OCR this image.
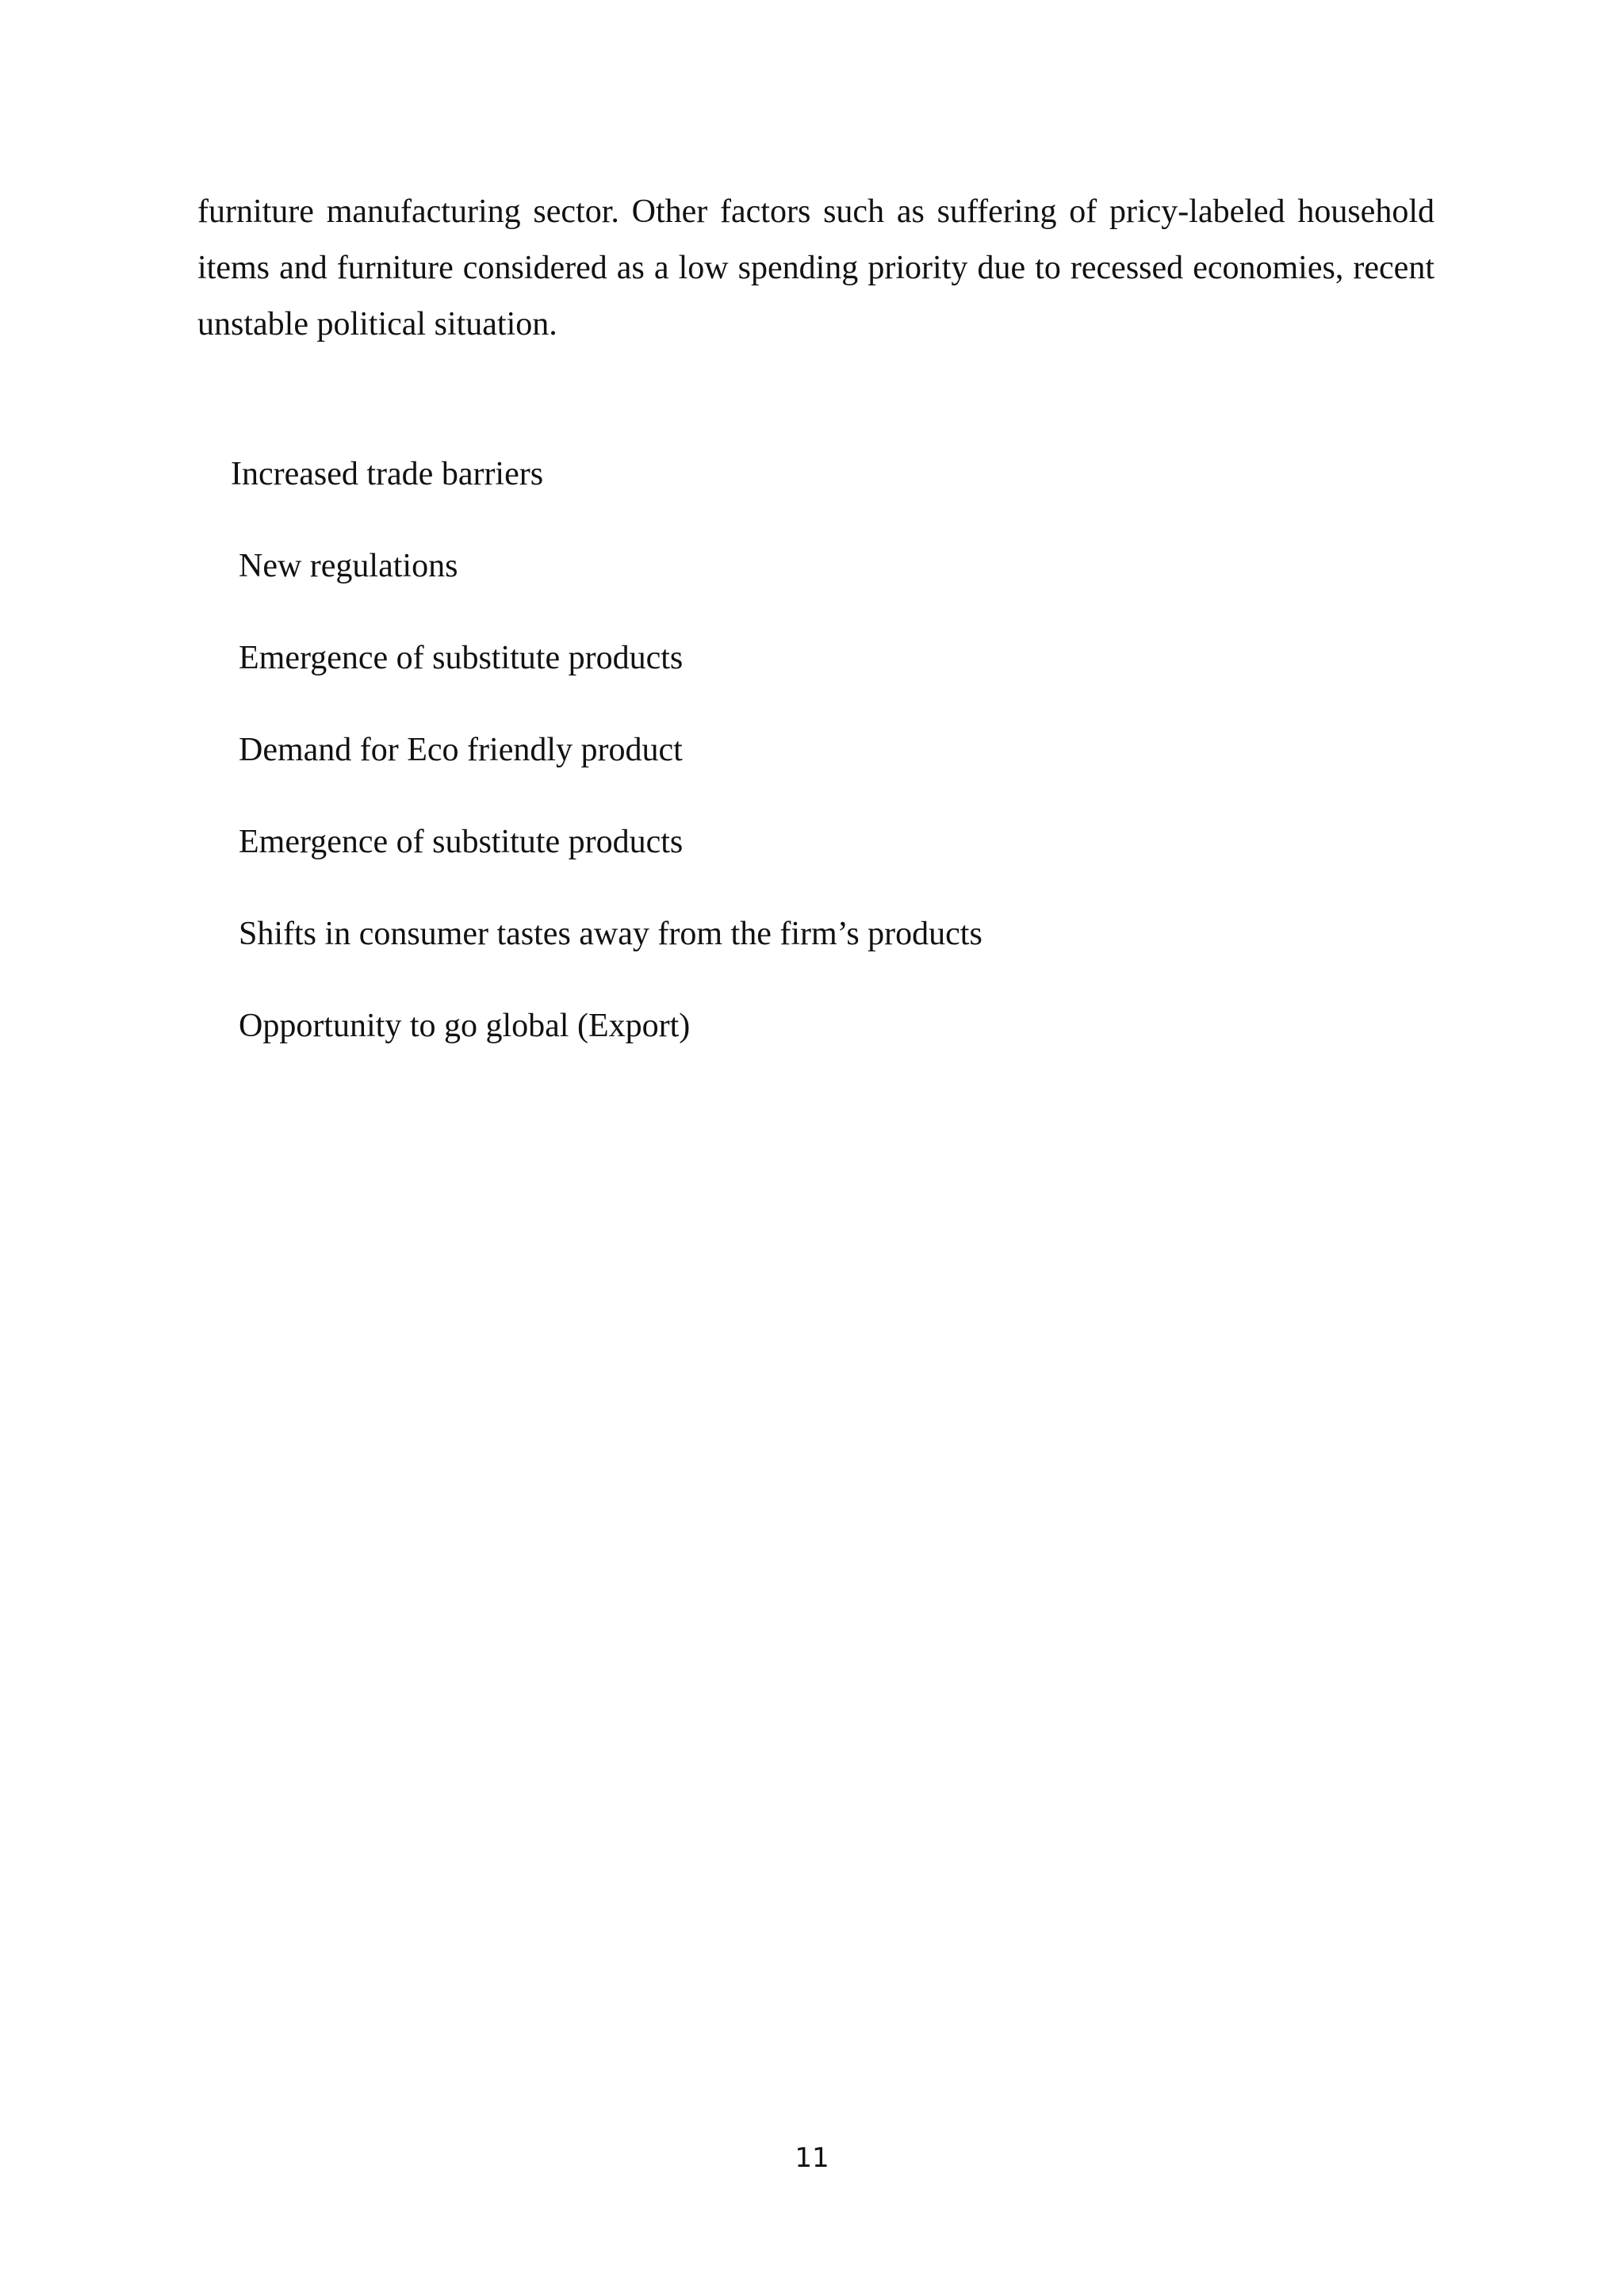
furniture manufacturing sector. Other factors such as suffering of pricy-labeled household items and furniture considered as a low spending priority due to recessed economies, recent unstable political situation.

Increased trade barriers
New regulations
Emergence of substitute products
Demand for Eco friendly product
Emergence of substitute products
Shifts in consumer tastes away from the firm’s products
Opportunity to go global (Export)
11
